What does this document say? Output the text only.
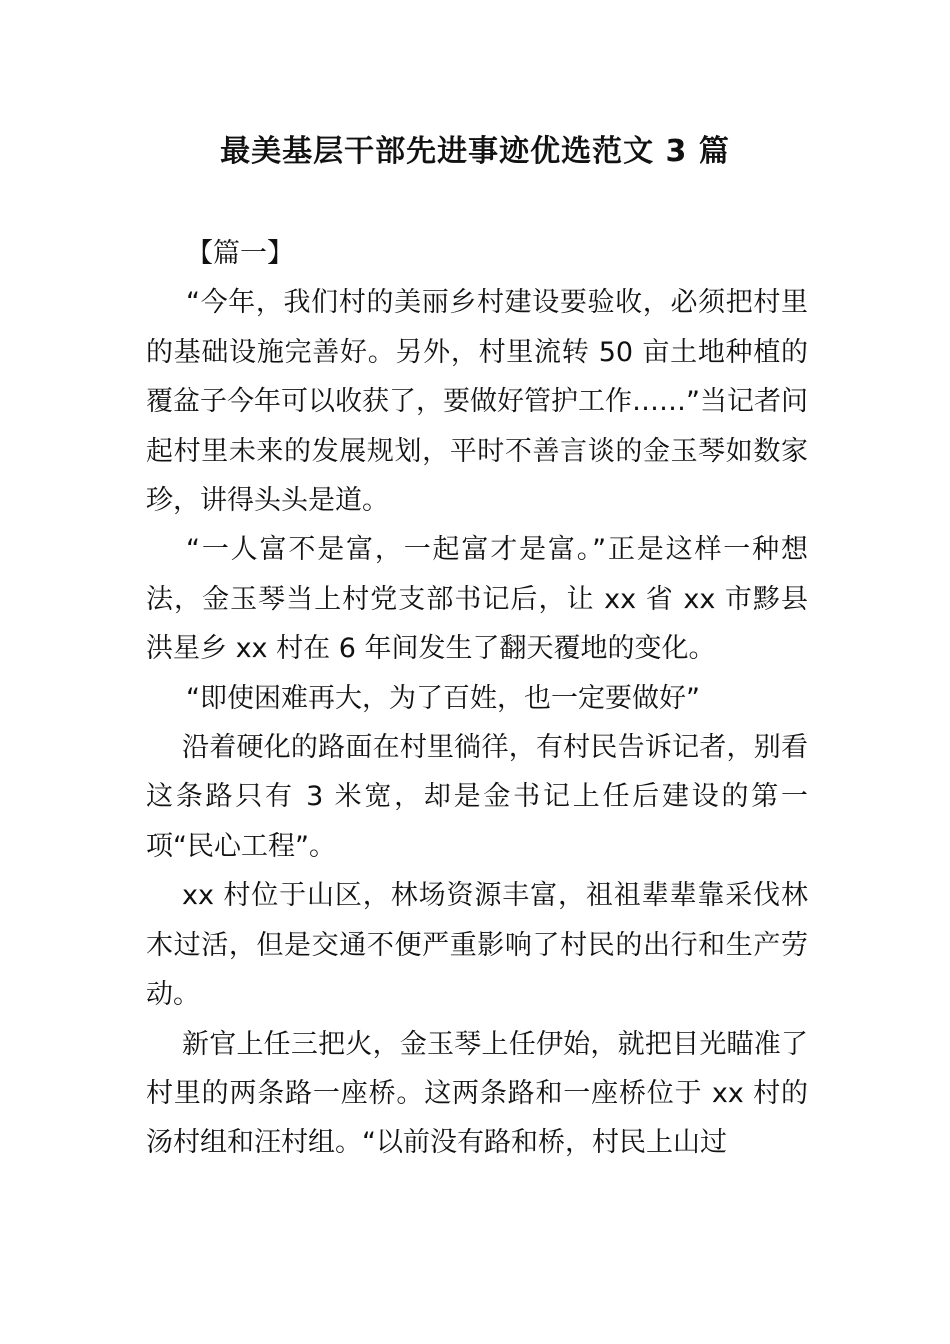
最美基层干部先进事迹优选范文 3 篇

【篇一】

“今年，我们村的美丽乡村建设要验收，必须把村里的基础设施完善好。另外，村里流转 50 亩土地种植的覆盆子今年可以收获了，要做好管护工作……”当记者问起村里未来的发展规划，平时不善言谈的金玉琴如数家珍，讲得头头是道。

“一人富不是富，一起富才是富。”正是这样一种想法，金玉琴当上村党支部书记后，让 xx 省 xx 市黟县洪星乡 xx 村在 6 年间发生了翻天覆地的变化。

“即使困难再大，为了百姓，也一定要做好”

沿着硬化的路面在村里徜徉，有村民告诉记者，别看这条路只有 3 米宽，却是金书记上任后建设的第一项“民心工程”。

xx 村位于山区，林场资源丰富，祖祖辈辈靠采伐林木过活，但是交通不便严重影响了村民的出行和生产劳动。

新官上任三把火，金玉琴上任伊始，就把目光瞄准了村里的两条路一座桥。这两条路和一座桥位于 xx 村的汤村组和汪村组。“以前没有路和桥，村民上山过
